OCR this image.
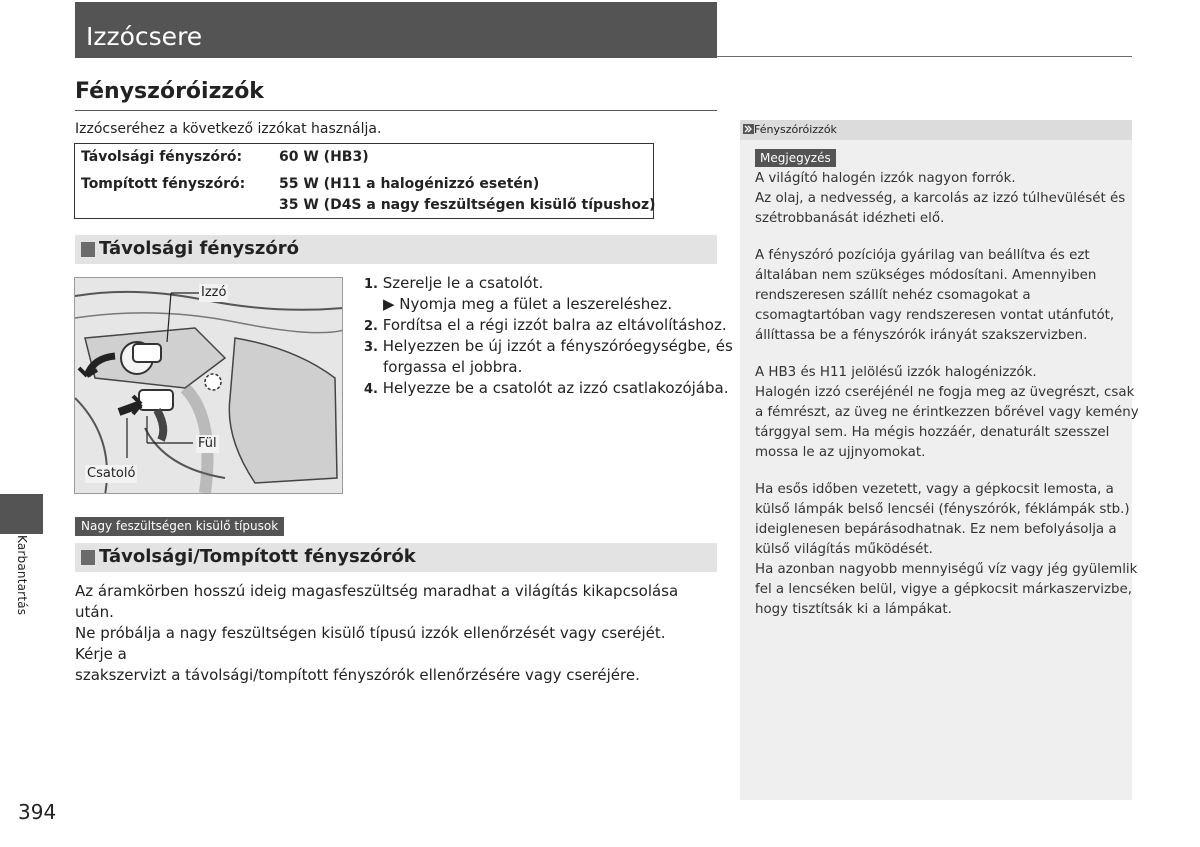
Izzócsere
Karbantartás
Fényszóróizzók
Izzócseréhez a következő izzókat használja.
Távolsági fényszóró:	60 W (HB3)
Tompított fényszóró: 55 W (H11 a halogénizzó esetén)
35 W (D4S a nagy feszültségen kisülő típushoz)
Távolsági fényszóró
Izzó
Fül
Csatoló
1. Szerelje le a csatolót.
▶ Nyomja meg a fület a leszereléshez.
2. Fordítsa el a régi izzót balra az eltávolításhoz.
3. Helyezzen be új izzót a fényszóróegységbe, és
forgassa el jobbra.
4. Helyezze be a csatolót az izzó csatlakozójába.
Nagy feszültségen kisülő típusok
Távolsági/Tompított fényszórók
Az áramkörben hosszú ideig magasfeszültség maradhat a világítás kikapcsolása után.
Ne próbálja a nagy feszültségen kisülő típusú izzók ellenőrzését vagy cseréjét. Kérje a
szakszervizt a távolsági/tompított fényszórók ellenőrzésére vagy cseréjére.
Fényszóróizzók
Megjegyzés
A világító halogén izzók nagyon forrók.
Az olaj, a nedvesség, a karcolás az izzó túlhevülését és
szétrobbanását idézheti elő.
A fényszóró pozíciója gyárilag van beállítva és ezt
általában nem szükséges módosítani. Amennyiben
rendszeresen szállít nehéz csomagokat a
csomagtartóban vagy rendszeresen vontat utánfutót,
állíttassa be a fényszórók irányát szakszervizben.
A HB3 és H11 jelölésű izzók halogénizzók.
Halogén izzó cseréjénél ne fogja meg az üvegrészt, csak
a fémrészt, az üveg ne érintkezzen bőrével vagy kemény
tárggyal sem. Ha mégis hozzáér, denaturált szesszel
mossa le az ujjnyomokat.
Ha esős időben vezetett, vagy a gépkocsit lemosta, a
külső lámpák belső lencséi (fényszórók, féklámpák stb.)
ideiglenesen bepárásodhatnak. Ez nem befolyásolja a
külső világítás működését.
Ha azonban nagyobb mennyiségű víz vagy jég gyülemlik
fel a lencséken belül, vigye a gépkocsit márkaszervizbe,
hogy tisztítsák ki a lámpákat.
394
